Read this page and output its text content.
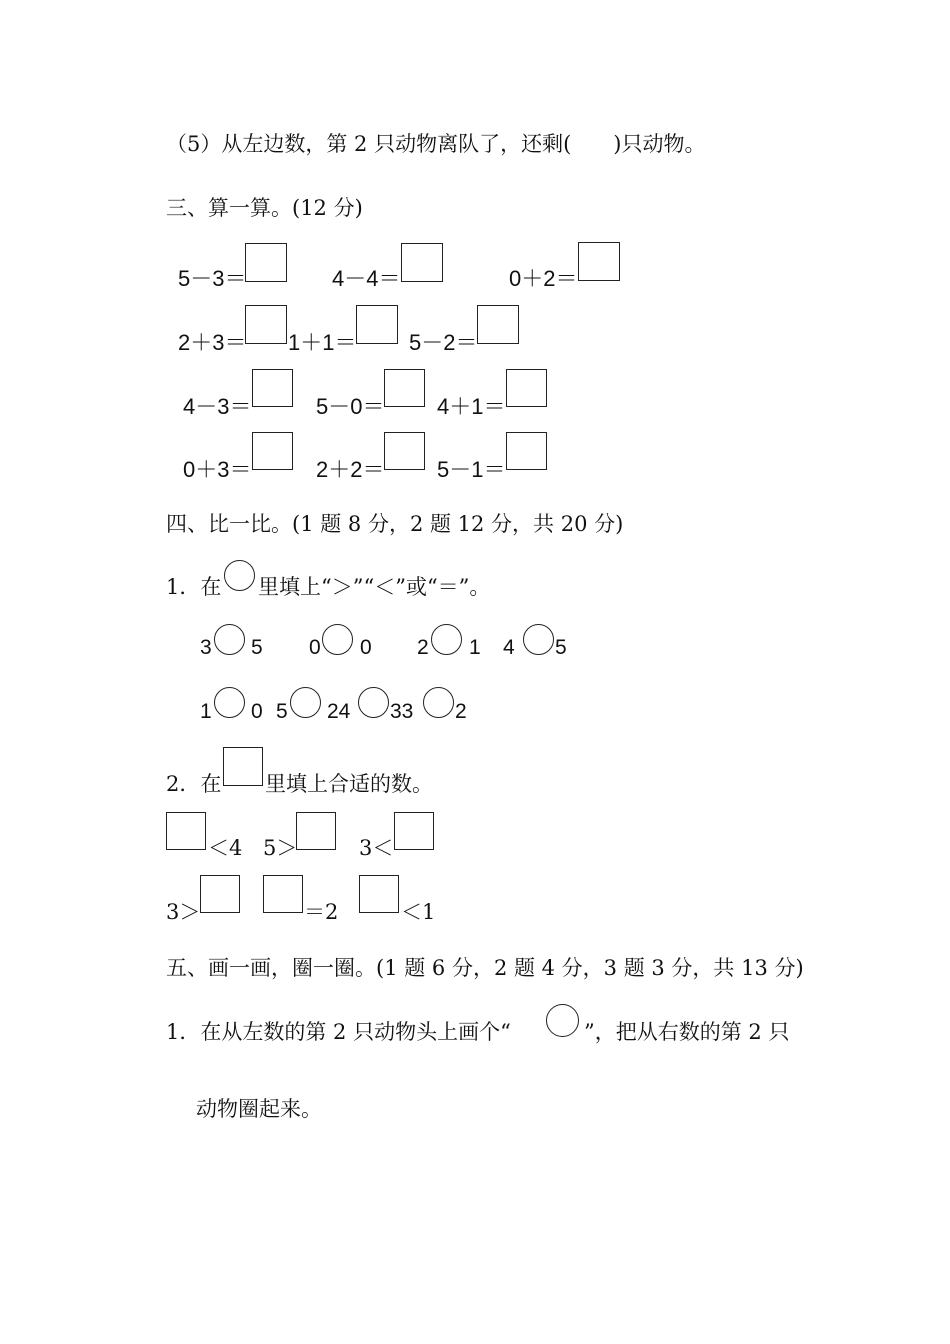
（5）从左边数，第 2 只动物离队了，还剩(　　)只动物。
三、算一算。(12 分)
5－3＝	4－4＝	0＋2＝
2＋3＝ 1＋1＝ 5－2＝
4－3＝	5－0＝ 4＋1＝
0＋3＝	2＋2＝ 5－1＝
四、比一比。(1 题 8 分，2 题 12 分，共 20 分)
1．在 里填上“＞”“＜”或“＝”。
3 5 0 0 2 1 4 5
1 0 5 24 33 2
2．在 里填上合适的数。
＜4 5＞	3＜
3＞	＝2	＜1
五、画一画，圈一圈。(1 题 6 分，2 题 4 分，3 题 3 分，共 13 分)
1．在从左数的第 2 只动物头上画个“	”，把从右数的第 2 只
动物圈起来。
